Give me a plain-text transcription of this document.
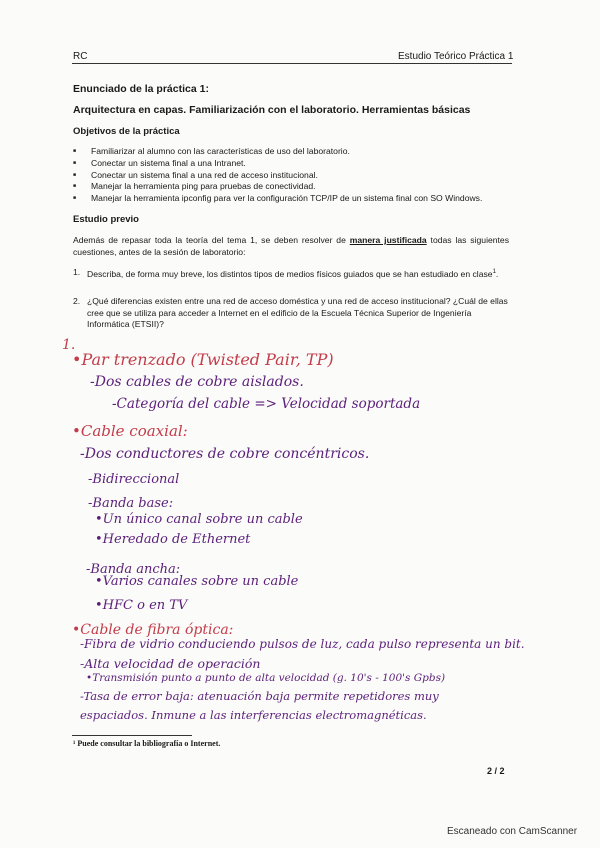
RC	Estudio Teórico Práctica 1
Enunciado de la práctica 1:
Arquitectura en capas. Familiarización con el laboratorio. Herramientas básicas
Objetivos de la práctica
■ Familiarizar al alumno con las características de uso del laboratorio.
■ Conectar un sistema final a una Intranet.
■ Conectar un sistema final a una red de acceso institucional.
■ Manejar la herramienta ping para pruebas de conectividad.
■ Manejar la herramienta ipconfig para ver la configuración TCP/IP de un sistema final con SO Windows.
Estudio previo
Además de repasar toda la teoría del tema 1, se deben resolver de manera justificada todas las siguientes cuestiones, antes de la sesión de laboratorio:
1. Describa, de forma muy breve, los distintos tipos de medios físicos guiados que se han estudiado en clase$^1$.
2. ¿Qué diferencias existen entre una red de acceso doméstica y una red de acceso institucional? ¿Cuál de ellas cree que se utiliza para acceder a Internet en el edificio de la Escuela Técnica Superior de Ingeniería Informática (ETSII)?
1.
•Par trenzado (Twisted Pair, TP)
-Dos cables de cobre aislados.
-Categoría del cable => Velocidad soportada
•Cable coaxial:
-Dos conductores de cobre concéntricos.
-Bidireccional
-Banda base:
•Un único canal sobre un cable
•Heredado de Ethernet
-Banda ancha:
•Varios canales sobre un cable
•HFC o en TV
•Cable de fibra óptica:
-Fibra de vidrio conduciendo pulsos de luz, cada pulso representa un bit.
-Alta velocidad de operación
•Transmisión punto a punto de alta velocidad (g. 10's - 100's Gpbs)
-Tasa de error baja: atenuación baja permite repetidores muy
espaciados. Inmune a las interferencias electromagnéticas.
¹ Puede consultar la bibliografía o Internet.
2 / 2
Escaneado con CamScanner
